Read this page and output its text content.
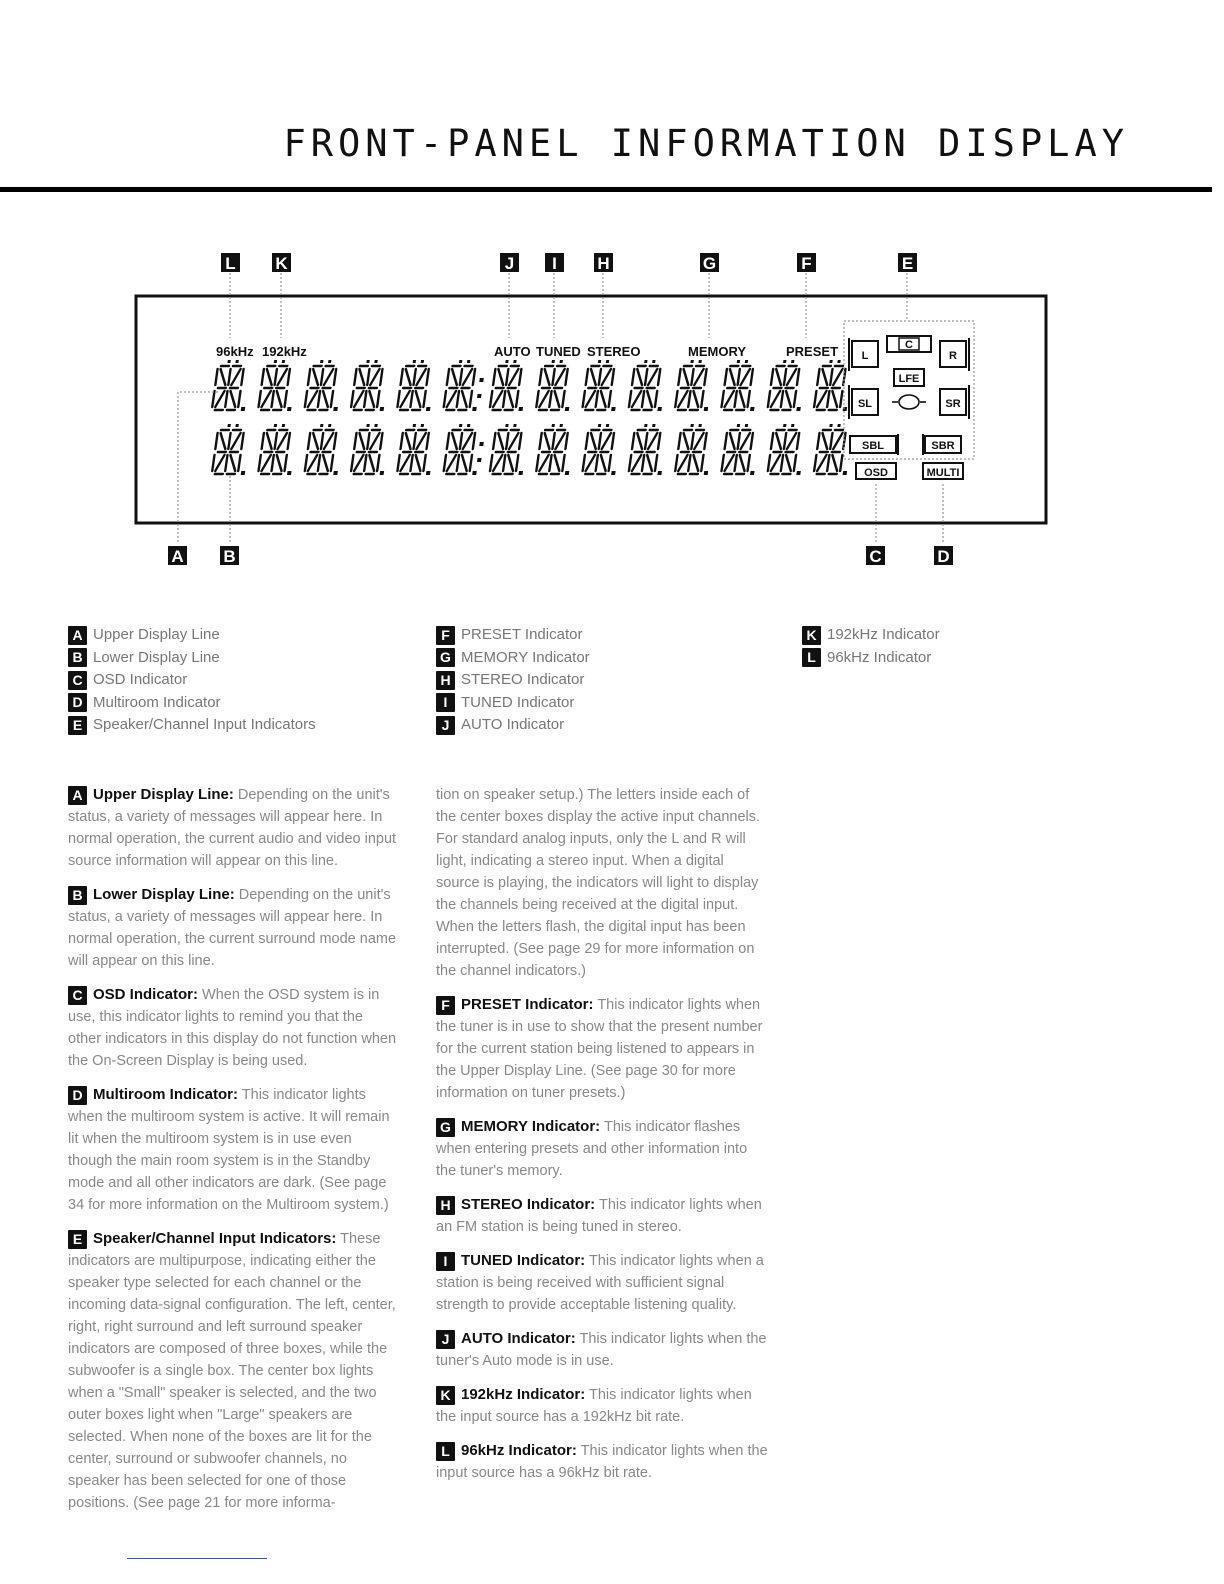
FRONT-PANEL INFORMATION DISPLAY
L K	J I H	G	F	E
96kHz 192kHz	AUTO TUNED STEREO	MEMORY	PRESET
A B	C	D
L
C
R
LFE
SL	SR
SBL	SBR
OSD	MULTI
A Upper Display Line
B Lower Display Line
C OSD Indicator
D Multiroom Indicator
E Speaker/Channel Input Indicators
F PRESET Indicator
G MEMORY Indicator
H STEREO Indicator
I TUNED Indicator
J AUTO Indicator
K 192kHz Indicator
L 96kHz Indicator

A Upper Display Line: Depending on the unit's status, a variety of messages will appear here. In normal operation, the current audio and video input source information will appear on this line.

B Lower Display Line: Depending on the unit's status, a variety of messages will appear here. In normal operation, the current surround mode name will appear on this line.

C OSD Indicator: When the OSD system is in use, this indicator lights to remind you that the other indicators in this display do not function when the On-Screen Display is being used.

D Multiroom Indicator: This indicator lights when the multiroom system is active. It will remain lit when the multiroom system is in use even though the main room system is in the Standby mode and all other indicators are dark. (See page 34 for more information on the Multiroom system.)

E Speaker/Channel Input Indicators: These indicators are multipurpose, indicating either the speaker type selected for each channel or the incoming data-signal configuration. The left, center, right, right surround and left surround speaker indicators are composed of three boxes, while the subwoofer is a single box. The center box lights when a "Small" speaker is selected, and the two outer boxes light when "Large" speakers are selected. When none of the boxes are lit for the center, surround or subwoofer channels, no speaker has been selected for one of those positions. (See page 21 for more informa-

tion on speaker setup.) The letters inside each of the center boxes display the active input channels. For standard analog inputs, only the L and R will light, indicating a stereo input. When a digital source is playing, the indicators will light to display the channels being received at the digital input. When the letters flash, the digital input has been interrupted. (See page 29 for more information on the channel indicators.)

F PRESET Indicator: This indicator lights when the tuner is in use to show that the present number for the current station being listened to appears in the Upper Display Line. (See page 30 for more information on tuner presets.)

G MEMORY Indicator: This indicator flashes when entering presets and other information into the tuner's memory.

H STEREO Indicator: This indicator lights when an FM station is being tuned in stereo.

I TUNED Indicator: This indicator lights when a station is being received with sufficient signal strength to provide acceptable listening quality.

J AUTO Indicator: This indicator lights when the tuner's Auto mode is in use.

K 192kHz Indicator: This indicator lights when the input source has a 192kHz bit rate.

L 96kHz Indicator: This indicator lights when the input source has a 96kHz bit rate.
